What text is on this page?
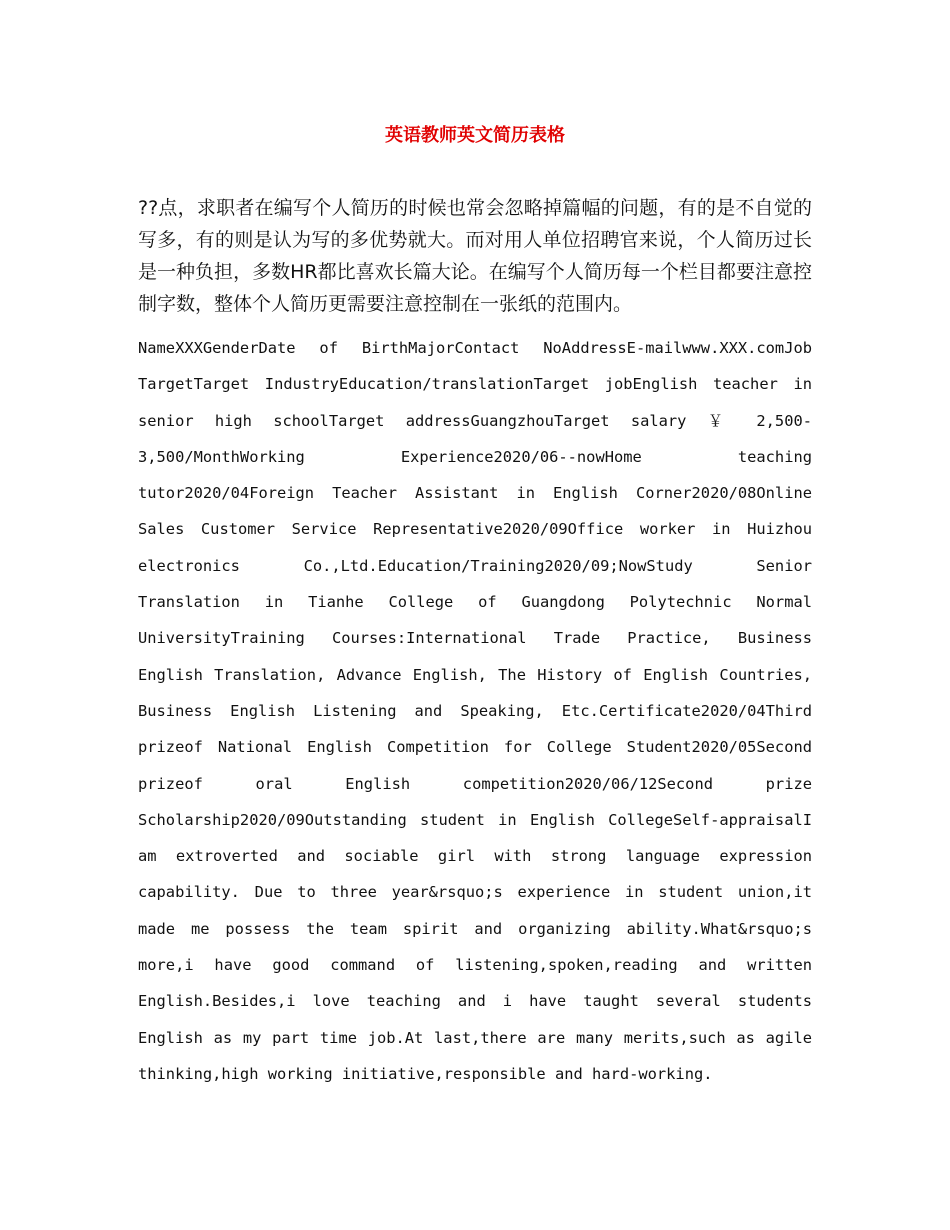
英语教师英文简历表格

??点，求职者在编写个人简历的时候也常会忽略掉篇幅的问题，有的是不自觉的写多，有的则是认为写的多优势就大。而对用人单位招聘官来说，个人简历过长是一种负担，多数HR都比喜欢长篇大论。在编写个人简历每一个栏目都要注意控制字数，整体个人简历更需要注意控制在一张纸的范围内。

NameXXXGenderDate of BirthMajorContact NoAddressE-mailwww.XXX.comJob TargetTarget IndustryEducation/translationTarget jobEnglish teacher in senior high schoolTarget addressGuangzhouTarget salary ￥ 2,500-3,500/MonthWorking Experience2020/06--nowHome teaching tutor2020/04Foreign Teacher Assistant in English Corner2020/08Online Sales Customer Service Representative2020/09Office worker in Huizhou electronics Co.,Ltd.Education/Training2020/09;NowStudy Senior Translation in Tianhe College of Guangdong Polytechnic Normal UniversityTraining Courses:International Trade Practice, Business English Translation, Advance English, The History of English Countries, Business English Listening and Speaking, Etc.Certificate2020/04Third prizeof National English Competition for College Student2020/05Second prizeof oral English competition2020/06/12Second prize Scholarship2020/09Outstanding student in English CollegeSelf-appraisalI am extroverted and sociable girl with strong language expression capability. Due to three year&rsquo;s experience in student union,it made me possess the team spirit and organizing ability.What&rsquo;s more,i have good command of listening,spoken,reading and written English.Besides,i love teaching and i have taught several students English as my part time job.At last,there are many merits,such as agile thinking,high working initiative,responsible and hard-working.
